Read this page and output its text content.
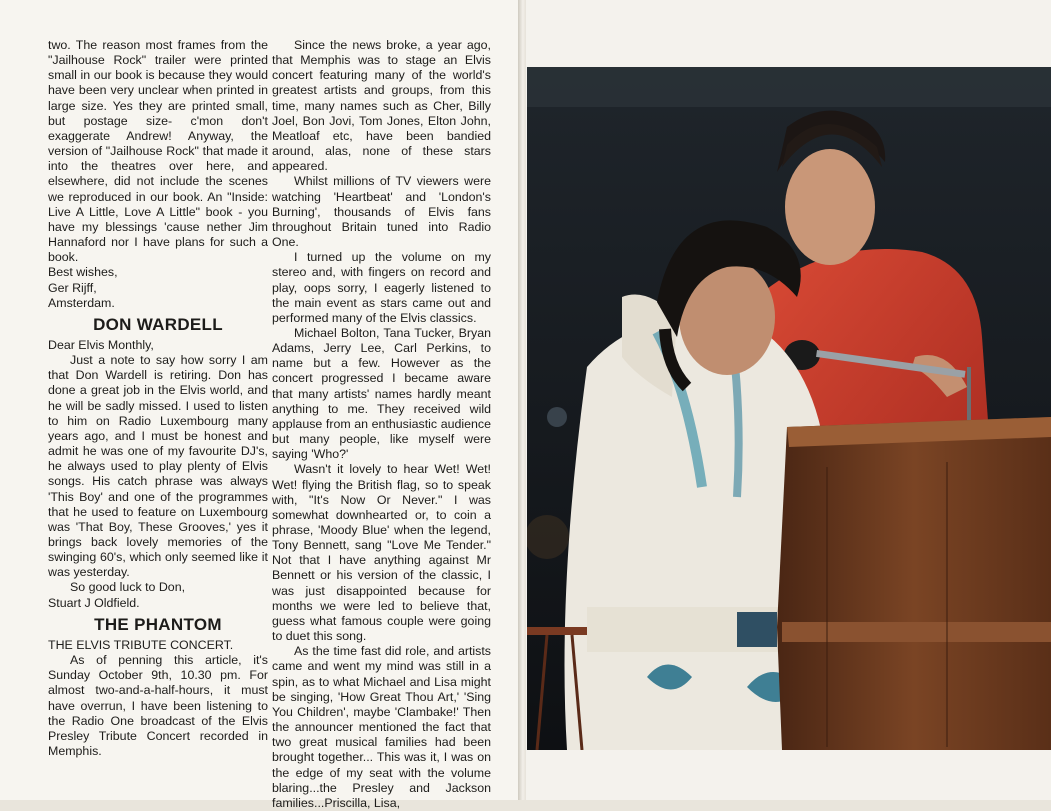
two. The reason most frames from the "Jailhouse Rock" trailer were printed small in our book is because they would have been very unclear when printed in large size. Yes they are printed small, but postage size- c'mon don't exaggerate Andrew! Anyway, the version of "Jailhouse Rock" that made it into the theatres over here, and elsewhere, did not include the scenes we reproduced in our book. An "Inside: Live A Little, Love A Little" book - you have my blessings 'cause nether Jim Hannaford nor I have plans for such a book.

Best wishes,

Ger Rijff,

Amsterdam.

DON WARDELL

Dear Elvis Monthly,

Just a note to say how sorry I am that Don Wardell is retiring. Don has done a great job in the Elvis world, and he will be sadly missed. I used to listen to him on Radio Luxembourg many years ago, and I must be honest and admit he was one of my favourite DJ's, he always used to play plenty of Elvis songs. His catch phrase was always 'This Boy' and one of the programmes that he used to feature on Luxembourg was 'That Boy, These Grooves,' yes it brings back lovely memories of the swinging 60's, which only seemed like it was yesterday.

So good luck to Don,

Stuart J Oldfield.

THE PHANTOM

THE ELVIS TRIBUTE CONCERT.

As of penning this article, it's Sunday October 9th, 10.30 pm. For almost two-and-a-half-hours, it must have overrun, I have been listening to the Radio One broadcast of the Elvis Presley Tribute Concert recorded in Memphis.

Since the news broke, a year ago, that Memphis was to stage an Elvis concert featuring many of the world's greatest artists and groups, from this time, many names such as Cher, Billy Joel, Bon Jovi, Tom Jones, Elton John, Meatloaf etc, have been bandied around, alas, none of these stars appeared.

Whilst millions of TV viewers were watching 'Heartbeat' and 'London's Burning', thousands of Elvis fans throughout Britain tuned into Radio One.

I turned up the volume on my stereo and, with fingers on record and play, oops sorry, I eagerly listened to the main event as stars came out and performed many of the Elvis classics.

Michael Bolton, Tana Tucker, Bryan Adams, Jerry Lee, Carl Perkins, to name but a few. However as the concert progressed I became aware that many artists' names hardly meant anything to me. They received wild applause from an enthusiastic audience but many people, like myself were saying 'Who?'

Wasn't it lovely to hear Wet! Wet! Wet! flying the British flag, so to speak with, "It's Now Or Never." I was somewhat downhearted or, to coin a phrase, 'Moody Blue' when the legend, Tony Bennett, sang "Love Me Tender." Not that I have anything against Mr Bennett or his version of the classic, I was just disappointed because for months we were led to believe that, guess what famous couple were going to duet this song.

As the time fast did role, and artists came and went my mind was still in a spin, as to what Michael and Lisa might be singing, 'How Great Thou Art,' 'Sing You Children', maybe 'Clambake!' Then the announcer mentioned the fact that two great musical families had been brought together... This was it, I was on the edge of my seat with the volume blaring...the Presley and Jackson families...Priscilla, Lisa,
